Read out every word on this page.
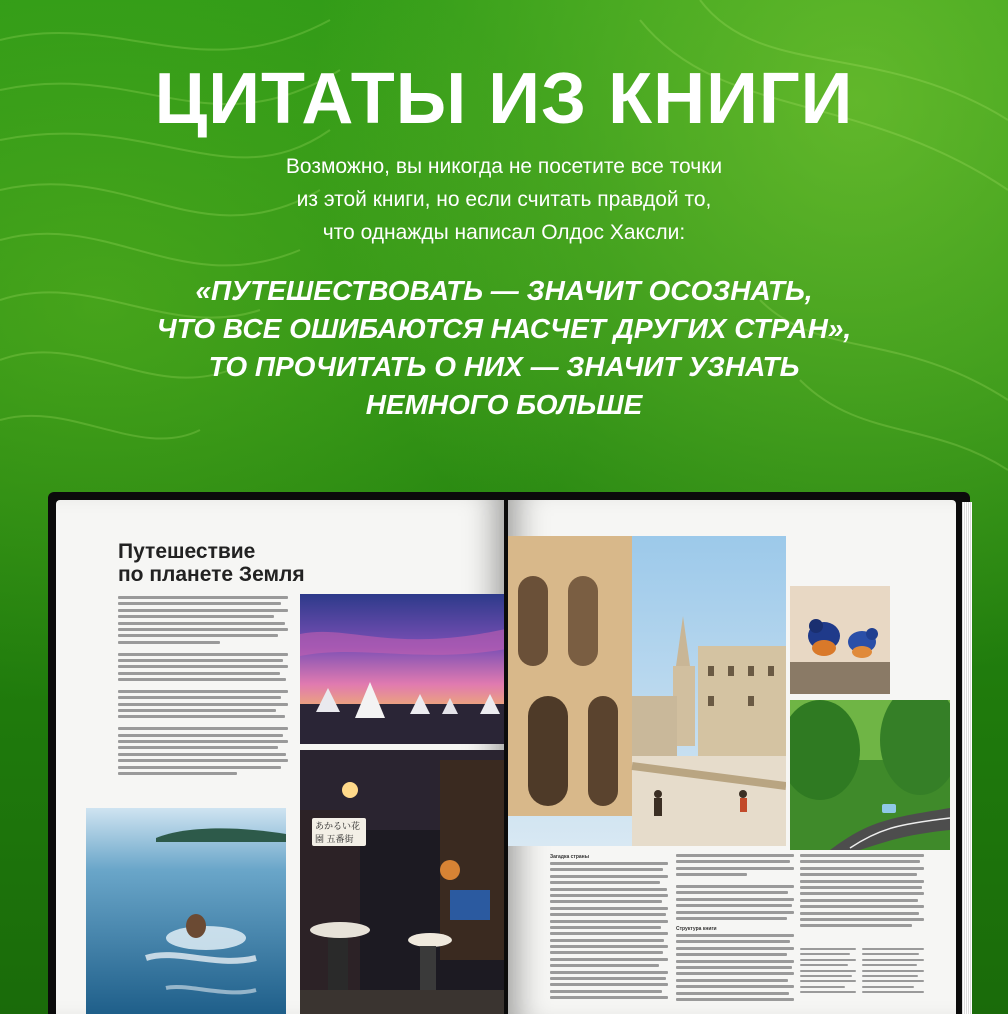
ЦИТАТЫ ИЗ КНИГИ
Возможно, вы никогда не посетите все точки
из этой книги, но если считать правдой то,
что однажды написал Олдос Хаксли:
«ПУТЕШЕСТВОВАТЬ — ЗНАЧИТ ОСОЗНАТЬ,
ЧТО ВСЕ ОШИБАЮТСЯ НАСЧЕТ ДРУГИХ СТРАН»,
ТО ПРОЧИТАТЬ О НИХ — ЗНАЧИТ УЗНАТЬ
НЕМНОГО БОЛЬШЕ
Путешествие
по планете Земля
あかるい花園 五番街
Загадка страны
Структура книги
